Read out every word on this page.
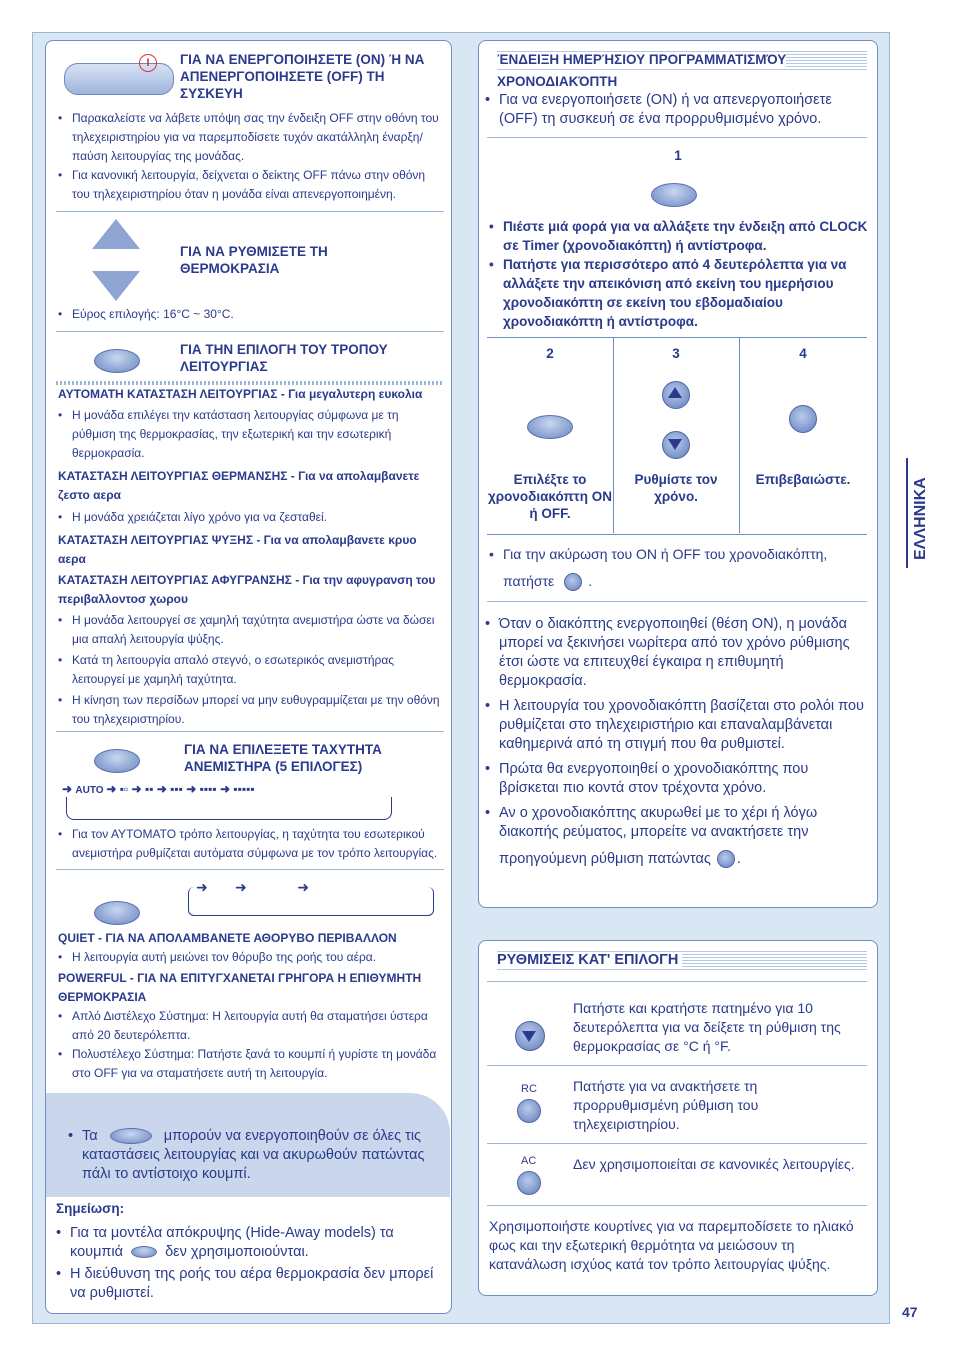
I	ΓΙΑ ΝΑ ΕΝΕΡΓΟΠΟΙΗΣΕΤΕ (ON) Ή ΝΑ ΑΠΕΝΕΡΓΟΠΟΙΗΣΕΤΕ (OFF) ΤΗ ΣΥΣΚΕΥΗ
• Παρακαλείστε να λάβετε υπόψη σας την ένδειξη OFF στην οθόνη του τηλεχειριστηρίου για να παρεμποδίσετε τυχόν ακατάλληλη έναρξη/παύση λειτουργίας της μονάδας.
• Για κανονική λειτουργία, δείχνεται ο δείκτης OFF πάνω στην οθόνη του τηλεχειριστηρίου όταν η μονάδα είναι απενεργοποιημένη.
ΓΙΑ ΝΑ ΡΥΘΜΙΣΕΤΕ ΤΗ ΘΕΡΜΟΚΡΑΣΙΑ
• Εύρος επιλογής: 16°C ~ 30°C.
ΓΙΑ ΤΗΝ ΕΠΙΛΟΓΗ ΤΟΥ ΤΡΟΠΟΥ ΛΕΙΤΟΥΡΓΙΑΣ
ΑΥΤΟΜΑΤΗ ΚΑΤΑΣΤΑΣΗ ΛΕΙΤΟΥΡΓΙΑΣ - Για μεγαλυτερη ευκολια
• Η μονάδα επιλέγει την κατάσταση λειτουργίας σύμφωνα με τη ρύθμιση της θερμοκρασίας, την εξωτερική και την εσωτερική θερμοκρασία.
ΚΑΤΑΣΤΑΣΗ ΛΕΙΤΟΥΡΓΙΑΣ ΘΕΡΜΑΝΣΗΣ - Για να απολαμβανετε ζεστο αερα
• Η μονάδα χρειάζεται λίγο χρόνο για να ζεσταθεί.
ΚΑΤΑΣΤΑΣΗ ΛΕΙΤΟΥΡΓΙΑΣ ΨΥΞΗΣ - Για να απολαμβανετε κρυο αερα
ΚΑΤΑΣΤΑΣΗ ΛΕΙΤΟΥΡΓΙΑΣ ΑΦΥΓΡΑΝΣΗΣ - Για την αφυγρανση του περιβαλλοντοσ χωρου
• Η μονάδα λειτουργεί σε χαμηλή ταχύτητα ανεμιστήρα ώστε να δώσει μια απαλή λειτουργία ψύξης.
• Κατά τη λειτουργία απαλό στεγνό, ο εσωτερικός ανεμιστήρας λειτουργεί με χαμηλή ταχύτητα.
• Η κίνηση των περσίδων μπορεί να μην ευθυγραμμίζεται με την οθόνη του τηλεχειριστηρίου.
ΓΙΑ ΝΑ ΕΠΙΛΕΞΕΤΕ ΤΑΧΥΤΗΤΑ ΑΝΕΜΙΣΤΗΡΑ (5 ΕΠΙΛΟΓΕΣ)
➜ AUTO ➜ ▪▫ ➜ ▪▪ ➜ ▪▪▪ ➜ ▪▪▪▪ ➜ ▪▪▪▪▪
• Για τον ΑΥΤΟΜΑΤΟ τρόπο λειτουργίας, η ταχύτητα του εσωτερικού ανεμιστήρα ρυθμίζεται αυτόματα σύμφωνα με τον τρόπο λειτουργίας.
➜       ➜             ➜
QUIET - ΓΙΑ ΝΑ ΑΠΟΛΑΜΒΑΝΕΤΕ ΑΘΟΡΥΒΟ ΠΕΡΙΒΑΛΛΟΝ
• Η λειτουργία αυτή μειώνει τον θόρυβο της ροής του αέρα.
POWERFUL - ΓΙΑ ΝΑ ΕΠΙΤΥΓΧΑΝΕΤΑΙ ΓΡΗΓΟΡΑ Η ΕΠΙΘΥΜΗΤΗ ΘΕΡΜΟΚΡΑΣΙΑ
• Απλό Διστέλεχο Σύστημα: Η λειτουργία αυτή θα σταματήσει ύστερα από 20 δευτερόλεπτα.
• Πολυστέλεχο Σύστημα: Πατήστε ξανά το κουμπί ή γυρίστε τη μονάδα στο OFF για να σταματήσετε αυτή τη λειτουργία.
• Τα	μπορούν να ενεργοποιηθούν σε όλες τις καταστάσεις λειτουργίας και να ακυρωθούν πατώντας πάλι το αντίστοιχο κουμπί.
Σημείωση:
• Για τα μοντέλα απόκρυψης (Hide-Away models) τα κουμπιά	δεν χρησιμοποιούνται.
• Η διεύθυνση της ροής του αέρα θερμοκρασία δεν μπορεί να ρυθμιστεί.
ΈΝΔΕΙΞΗ ΗΜΕΡΉΣΙΟΥ ΠΡΟΓΡΑΜΜΑΤΙΣΜΌΥ ΧΡΟΝΟΔΙΑΚΌΠΤΗ
• Για να ενεργοποιήσετε (ON) ή να απενεργοποιήσετε (OFF) τη συσκευή σε ένα προρρυθμισμένο χρόνο.
1
• Πιέστε μιά φορά για να αλλάξετε την ένδειξη από CLOCK σε Timer (χρονοδιακόπτη) ή αντίστροφα.
• Πατήστε για περισσότερο από 4 δευτερόλεπτα για να αλλάξετε την απεικόνιση από εκείνη του ημερήσιου χρονοδιακόπτη σε εκείνη του εβδομαδιαίου χρονοδιακόπτη ή αντίστροφα.
2
Επιλέξτε το χρονοδιακόπτη ON ή OFF.
3
Ρυθμίστε τον χρόνο.
4
Επιβεβαιώστε.
• Για την ακύρωση του ON ή OFF του χρονοδιακόπτη,
πατήστε .
• Όταν ο διακόπτης ενεργοποιηθεί (θέση ON), η μονάδα μπορεί να ξεκινήσει νωρίτερα από τον χρόνο ρύθμισης έτσι ώστε να επιτευχθεί έγκαιρα η επιθυμητή θερμοκρασία.
• Η λειτουργία του χρονοδιακόπτη βασίζεται στο ρολόι που ρυθμίζεται στο τηλεχειριστήριο και επαναλαμβάνεται καθημερινά από τη στιγμή που θα ρυθμιστεί.
• Πρώτα θα ενεργοποιηθεί ο χρονοδιακόπτης που βρίσκεται πιο κοντά στον τρέχοντα χρόνο.
• Αν ο χρονοδιακόπτης ακυρωθεί με το χέρι ή λόγω διακοπής ρεύματος, μπορείτε να ανακτήσετε την
προηγούμενη ρύθμιση πατώντας .
ΡΥΘΜΙΣΕΙΣ ΚΑΤ' ΕΠΙΛΟΓΗ
Πατήστε και κρατήστε πατημένο για 10 δευτερόλεπτα για να δείξετε τη ρύθμιση της θερμοκρασίας σε °C ή °F.
RC	Πατήστε για να ανακτήσετε τη προρρυθμισμένη ρύθμιση του τηλεχειριστηρίου.
AC	Δεν χρησιμοποιείται σε κανονικές λειτουργίες.
Χρησιμοποιήστε κουρτίνες για να παρεμποδίσετε το ηλιακό φως και την εξωτερική θερμότητα να μειώσουν τη κατανάλωση ισχύος κατά τον τρόπο λειτουργίας ψύξης.
ΕΛΛΗΝΙΚΑ
47
